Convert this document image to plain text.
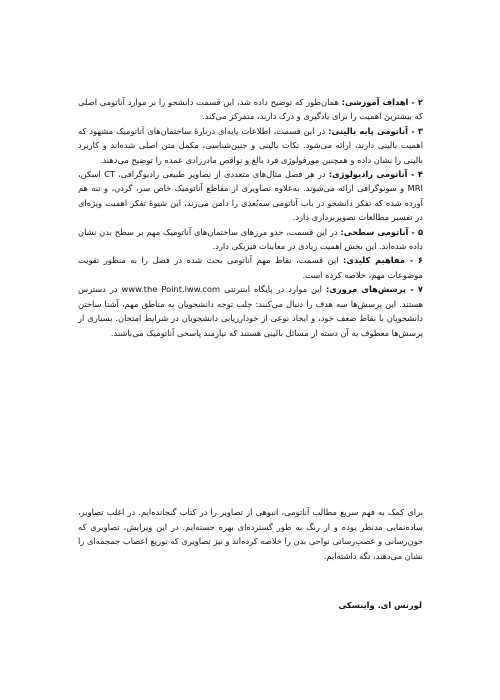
۲ - اهداف آموزشی: همان‌طور که توضیح داده شد، این قسمت دانشجو را بر موارد آناتومی اصلی که بیشترین اهمیت را برای یادگیری و درک دارند، متمرکز می‌کند.

۳ - آناتومی پایه بالینی: در این قسمت، اطلاعات پایه‌ای دربارهٔ ساختمان‌های آناتومیک مشهود که اهمیت بالینی دارند، ارائه می‌شود. نکات بالینی و جنین‌شناسی، مکمل متن اصلی شده‌اند و کاربرد بالینی را نشان داده و همچنین مورفولوژی فرد بالغ و نواقص مادرزادی عمده را توضیح می‌دهند.

۴ - آناتومی رادیولوژی: در هر فصل مثال‌های متعددی از تصاویر طبیعی رادیوگرافی، CT اسکن، MRI و سونوگرافی ارائه می‌شوند. به‌علاوه تصاویری از مقاطع آناتومیک خاص سر، گردن، و تنه هم آورده شده که تفکر دانشجو در باب آناتومی سه‌بُعدی را دامن می‌زند، این شیوهٔ تفکر اهمیت ویژه‌ای در تفسیر مطالعات تصویربرداری دارد.

۵ - آناتومی سطحی: در این قسمت، حدو مرزهای ساختمان‌های آناتومیک مهم بر سطح بدن نشان داده شده‌اند. این بخش اهمیت زیادی در معاینات فیزیکی دارد.

۶ - مفاهیم کلیدی: این قسمت، نقاط مهم آناتومی بحث شده در فصل را به منظور تقویت موضوعات مهم، خلاصه کرده است.

۷ - پرسش‌های مروری: این موارد در پایگاه اینترنتی www.the Point.lww.com در دسترس هستند. این پرسش‌ها سه هدف را دنبال می‌کنند: جلب توجه دانشجویان به مناطق مهم، آشنا ساختن دانشجویان با نقاط ضعف خود، و ایجاد نوعی از خودارزیابی دانشجویان در شرایط امتحان. بسیاری از پرسش‌ها معطوف به آن دسته از مسائل بالینی هستند که نیازمند پاسخی آناتومیک می‌باشند.

برای کمک به فهم سریع مطالب آناتومی، انبوهی از تصاویر را در کتاب گنجانده‌ایم. در اغلب تصاویر، ساده‌نمایی مدنظر بوده و از رنگ به طور گسترده‌ای بهره جسته‌ایم. در این ویرایش، تصاویری که خون‌رسانی و عصب‌رسانی نواحی بدن را خلاصه کرده‌اند و نیز تصاویری که توزیع اعصاب جمجمه‌ای را نشان می‌دهند، نگه داشته‌ایم.

لورنس ای. واینسکی
